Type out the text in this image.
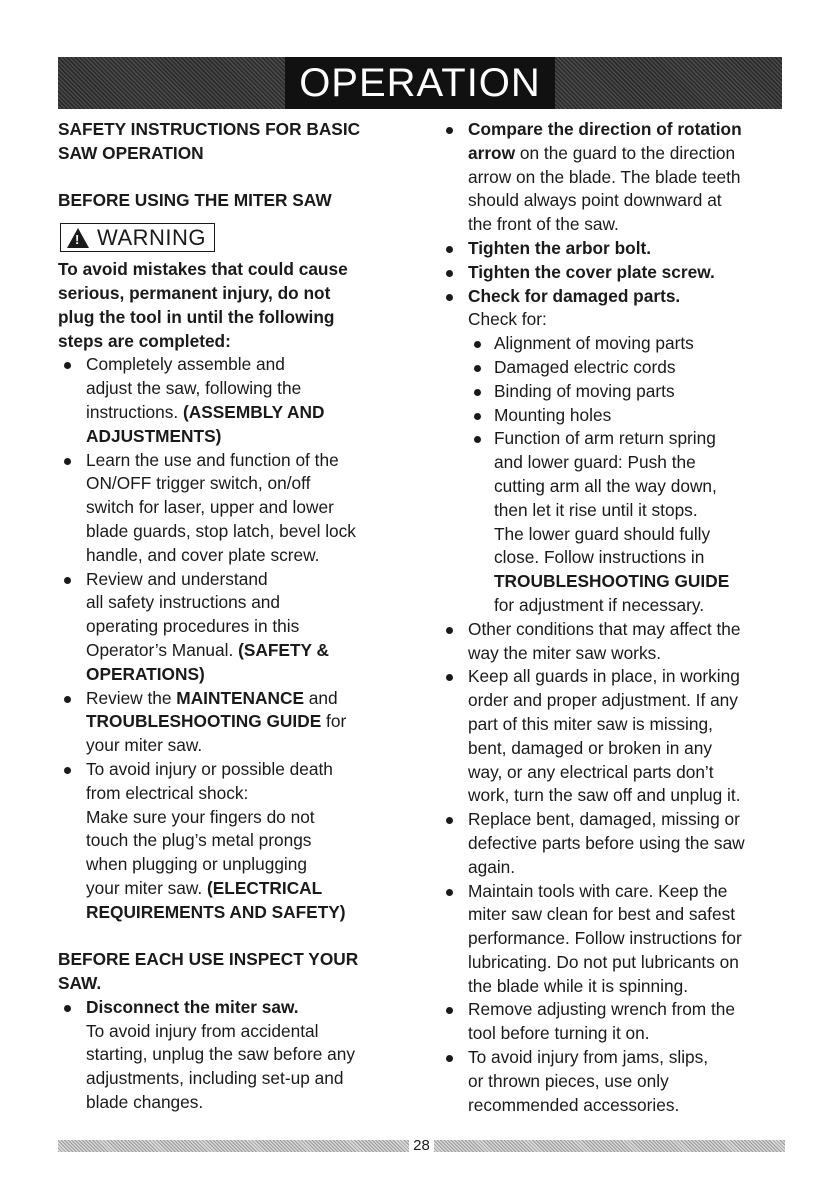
OPERATION
SAFETY INSTRUCTIONS FOR BASIC
SAW OPERATION
BEFORE USING THE MITER SAW
! WARNING
To avoid mistakes that could cause
serious, permanent injury, do not
plug the tool in until the following
steps are completed:
Completely assemble and
adjust the saw, following the
instructions. (ASSEMBLY AND
ADJUSTMENTS)
Learn the use and function of the
ON/OFF trigger switch, on/off
switch for laser, upper and lower
blade guards, stop latch, bevel lock
handle, and cover plate screw.
Review and understand
all safety instructions and
operating procedures in this
Operator’s Manual. (SAFETY &
OPERATIONS)
Review the MAINTENANCE and
TROUBLESHOOTING GUIDE for
your miter saw.
To avoid injury or possible death
from electrical shock:
Make sure your fingers do not
touch the plug’s metal prongs
when plugging or unplugging
your miter saw. (ELECTRICAL
REQUIREMENTS AND SAFETY)
BEFORE EACH USE INSPECT YOUR
SAW.
Disconnect the miter saw.
To avoid injury from accidental
starting, unplug the saw before any
adjustments, including set-up and
blade changes.
Compare the direction of rotation
arrow on the guard to the direction
arrow on the blade. The blade teeth
should always point downward at
the front of the saw.
Tighten the arbor bolt.
Tighten the cover plate screw.
Check for damaged parts.
Check for:
Alignment of moving parts
Damaged electric cords
Binding of moving parts
Mounting holes
Function of arm return spring
and lower guard: Push the
cutting arm all the way down,
then let it rise until it stops.
The lower guard should fully
close. Follow instructions in
TROUBLESHOOTING GUIDE
for adjustment if necessary.
Other conditions that may affect the
way the miter saw works.
Keep all guards in place, in working
order and proper adjustment. If any
part of this miter saw is missing,
bent, damaged or broken in any
way, or any electrical parts don’t
work, turn the saw off and unplug it.
Replace bent, damaged, missing or
defective parts before using the saw
again.
Maintain tools with care. Keep the
miter saw clean for best and safest
performance. Follow instructions for
lubricating. Do not put lubricants on
the blade while it is spinning.
Remove adjusting wrench from the
tool before turning it on.
To avoid injury from jams, slips,
or thrown pieces, use only
recommended accessories.
28
